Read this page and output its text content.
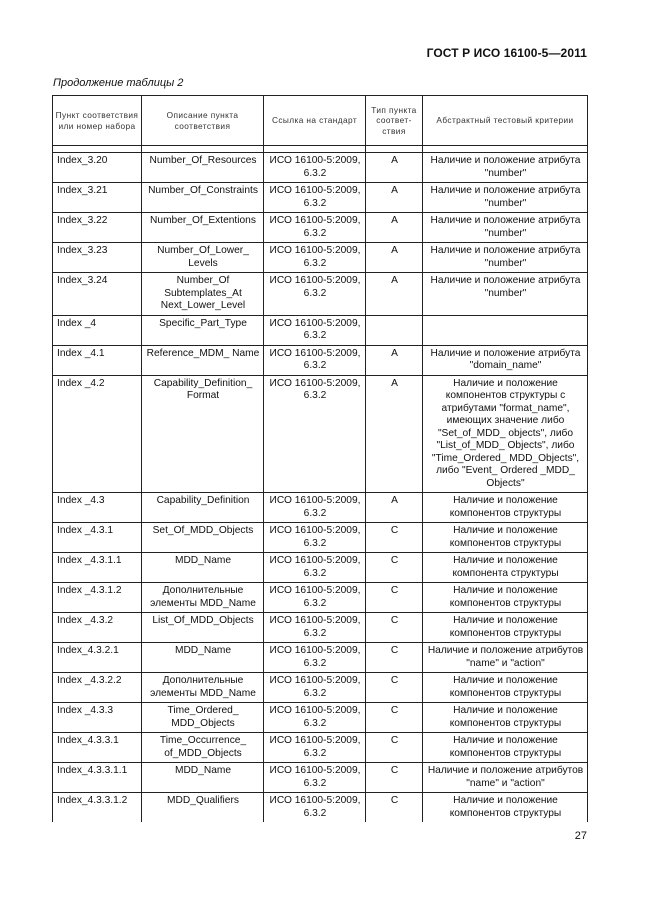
ГОСТ Р ИСО 16100-5—2011
Продолжение таблицы 2
Пункт соответствия или номер набора	Описание пункта соответствия	Ссылка на стандарт	Тип пункта соответ- ствия	Абстрактный тестовый критерии

Index_3.20	Number_Of_Resources	ИСО 16100-5:2009, 6.3.2	A	Наличие и положение атрибута "number"
Index_3.21	Number_Of_Constraints	ИСО 16100-5:2009, 6.3.2	A	Наличие и положение атрибута "number"
Index_3.22	Number_Of_Extentions	ИСО 16100-5:2009, 6.3.2	A	Наличие и положение атрибута "number"
Index_3.23	Number_Of_Lower_ Levels	ИСО 16100-5:2009, 6.3.2	A	Наличие и положение атрибута "number"
Index_3.24	Number_Of Subtemplates_At Next_Lower_Level	ИСО 16100-5:2009, 6.3.2	A	Наличие и положение атрибута "number"
Index _4	Specific_Part_Type	ИСО 16100-5:2009, 6.3.2		
Index _4.1	Reference_MDM_ Name	ИСО 16100-5:2009, 6.3.2	A	Наличие и положение атрибута "domain_name"
Index _4.2	Capability_Definition_ Format	ИСО 16100-5:2009, 6.3.2	A	Наличие и положение компонентов структуры с атрибутами "format_name", имеющих значение либо "Set_of_MDD_ objects", либо "List_of_MDD_ Objects", либо "Time_Ordered_ MDD_Objects", либо "Event_ Ordered _MDD_ Objects"
Index _4.3	Capability_Definition	ИСО 16100-5:2009, 6.3.2	A	Наличие и положение компонентов структуры
Index _4.3.1	Set_Of_MDD_Objects	ИСО 16100-5:2009, 6.3.2	C	Наличие и положение компонентов структуры
Index _4.3.1.1	MDD_Name	ИСО 16100-5:2009, 6.3.2	C	Наличие и положение компонента структуры
Index _4.3.1.2	Дополнительные элементы MDD_Name	ИСО 16100-5:2009, 6.3.2	C	Наличие и положение компонентов структуры
Index _4.3.2	List_Of_MDD_Objects	ИСО 16100-5:2009, 6.3.2	C	Наличие и положение компонентов структуры
Index_4.3.2.1	MDD_Name	ИСО 16100-5:2009, 6.3.2	C	Наличие и положение атрибутов "name" и "action"
Index _4.3.2.2	Дополнительные элементы MDD_Name	ИСО 16100-5:2009, 6.3.2	C	Наличие и положение компонентов структуры
Index _4.3.3	Time_Ordered_ MDD_Objects	ИСО 16100-5:2009, 6.3.2	C	Наличие и положение компонентов структуры
Index_4.3.3.1	Time_Occurrence_ of_MDD_Objects	ИСО 16100-5:2009, 6.3.2	C	Наличие и положение компонентов структуры
Index_4.3.3.1.1	MDD_Name	ИСО 16100-5:2009, 6.3.2	C	Наличие и положение атрибутов "name" и "action"
Index_4.3.3.1.2	MDD_Qualifiers	ИСО 16100-5:2009, 6.3.2	C	Наличие и положение компонентов структуры
27
